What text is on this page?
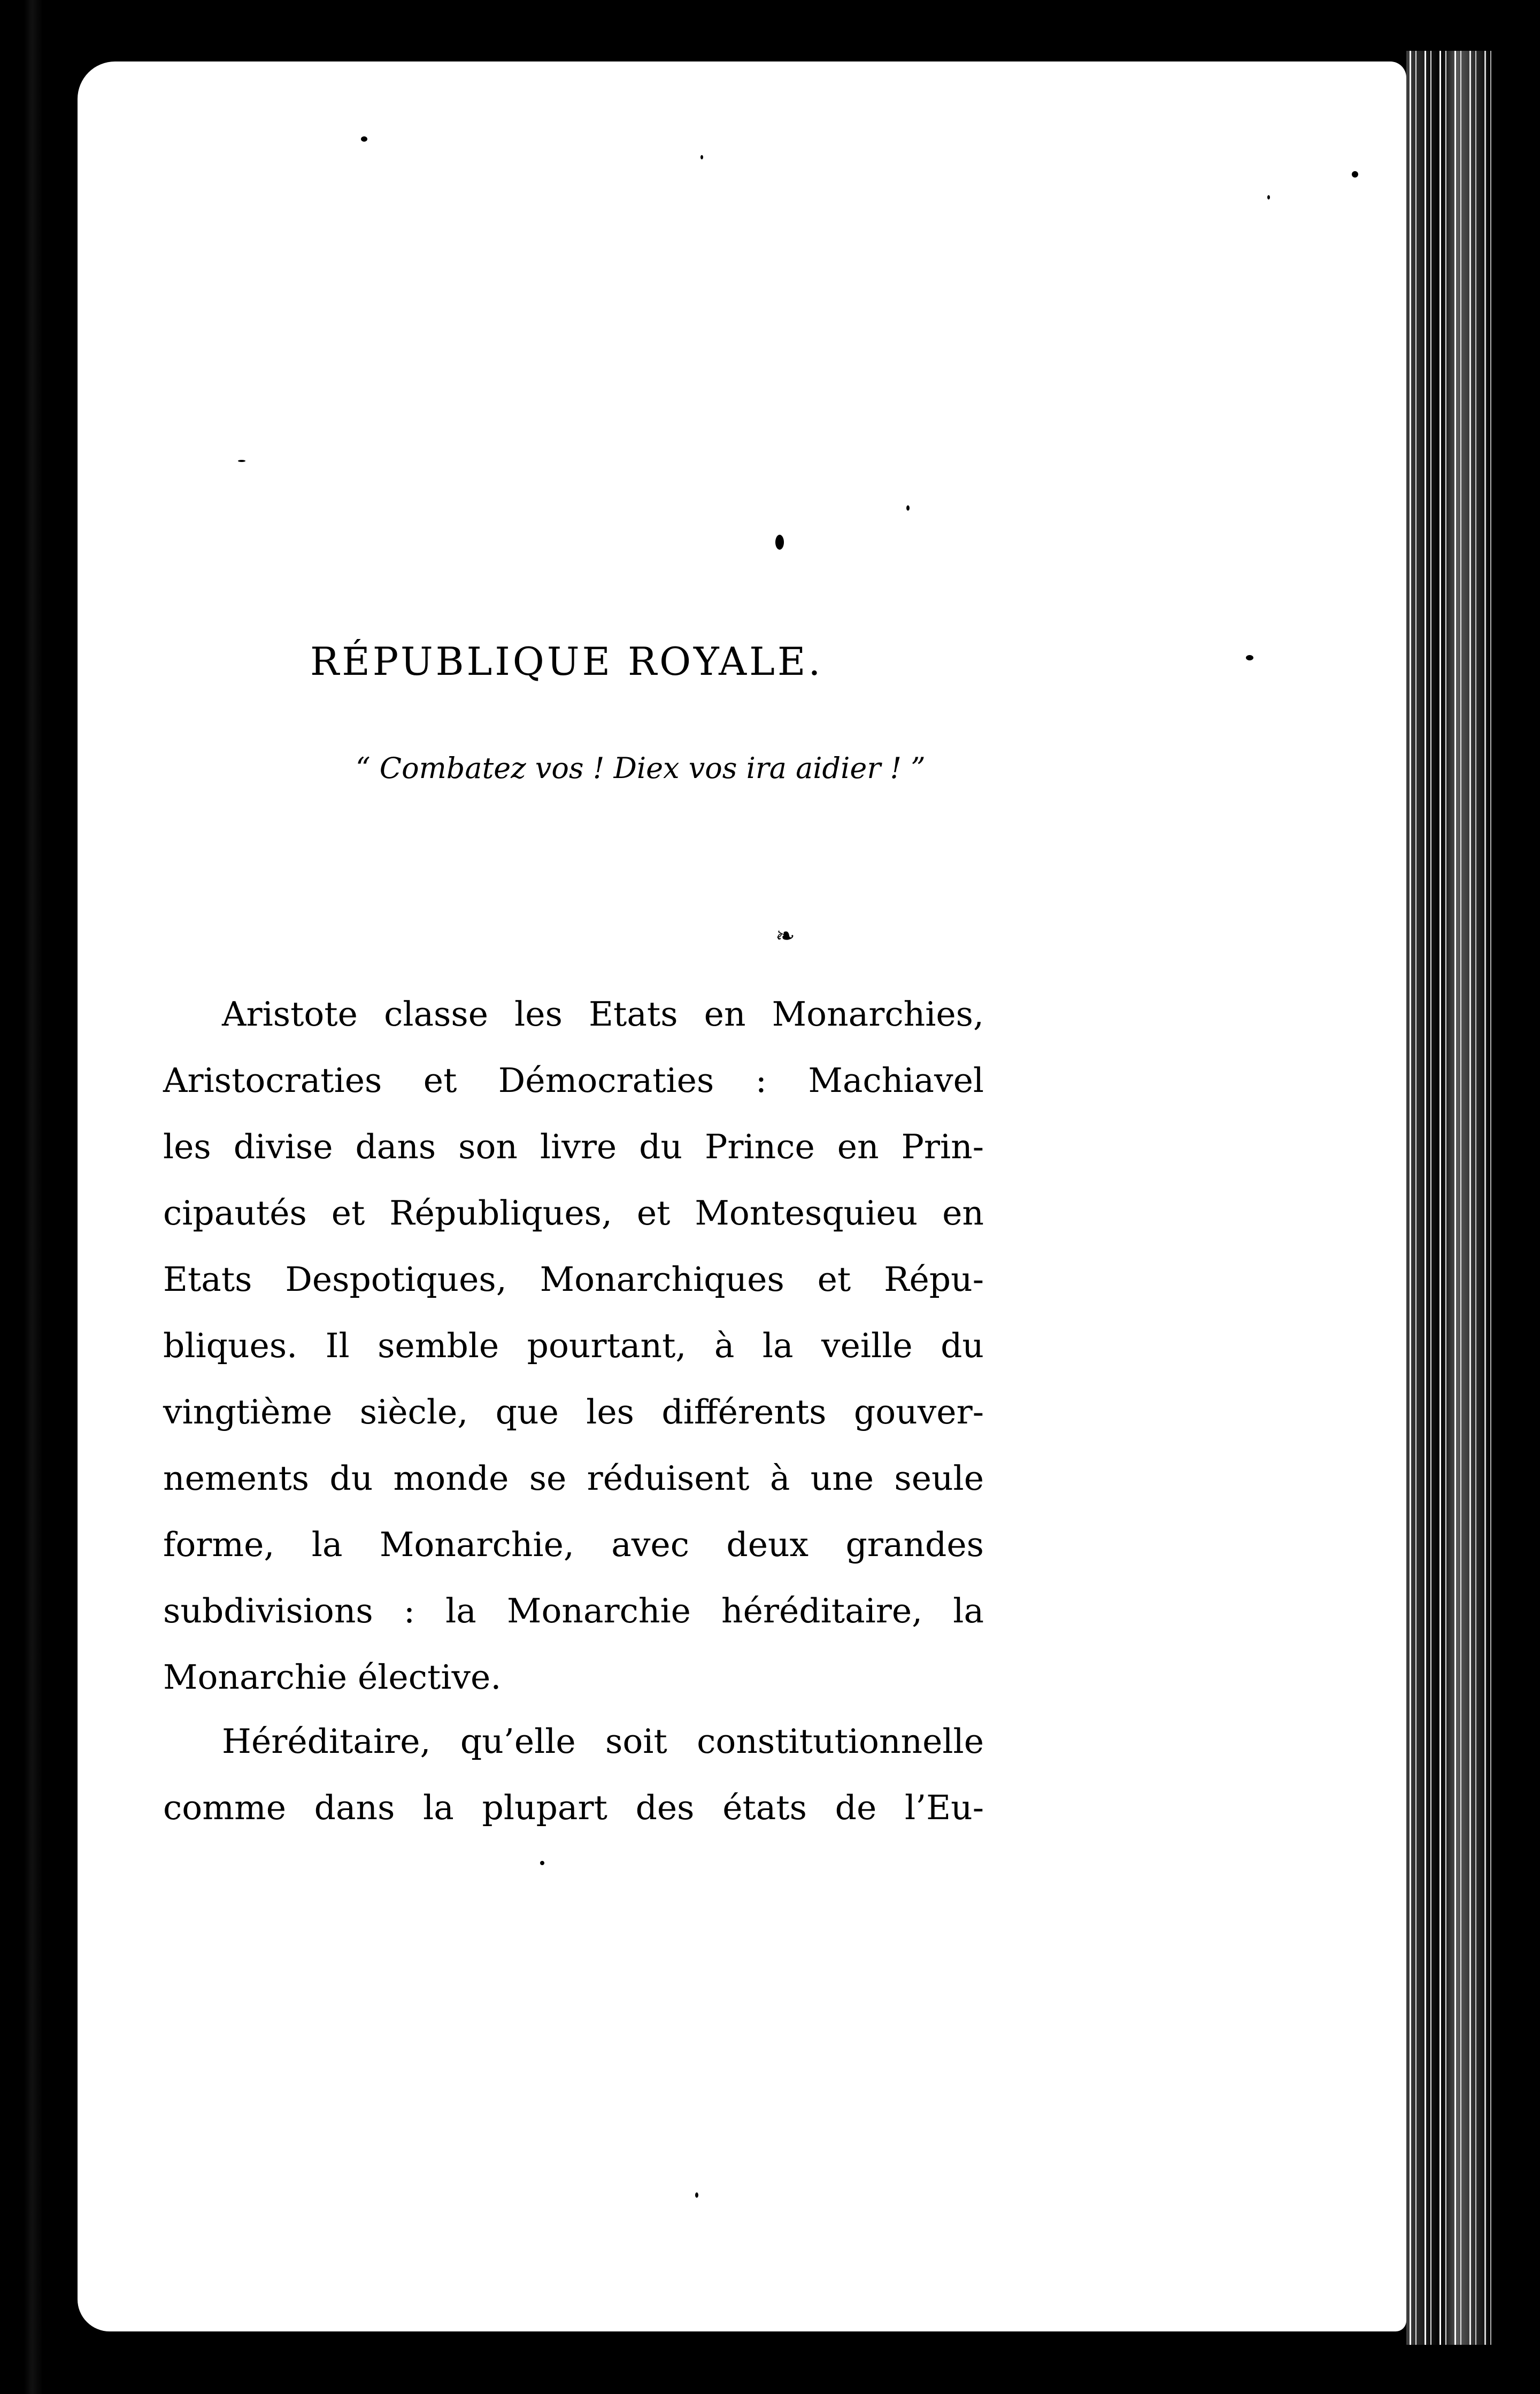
RÉPUBLIQUE ROYALE.
“ Combatez vos ! Diex vos ira aidier ! ”
❧
Aristote classe les Etats en Monarchies,
Aristocraties et Démocraties : Machiavel
les divise dans son livre du Prince en Prin-
cipautés et Républiques, et Montesquieu en
Etats Despotiques, Monarchiques et Répu-
bliques. Il semble pourtant, à la veille du
vingtième siècle, que les différents gouver-
nements du monde se réduisent à une seule
forme, la Monarchie, avec deux grandes
subdivisions : la Monarchie héréditaire, la
Monarchie élective.
Héréditaire, qu’elle soit constitutionnelle
comme dans la plupart des états de l’Eu-
